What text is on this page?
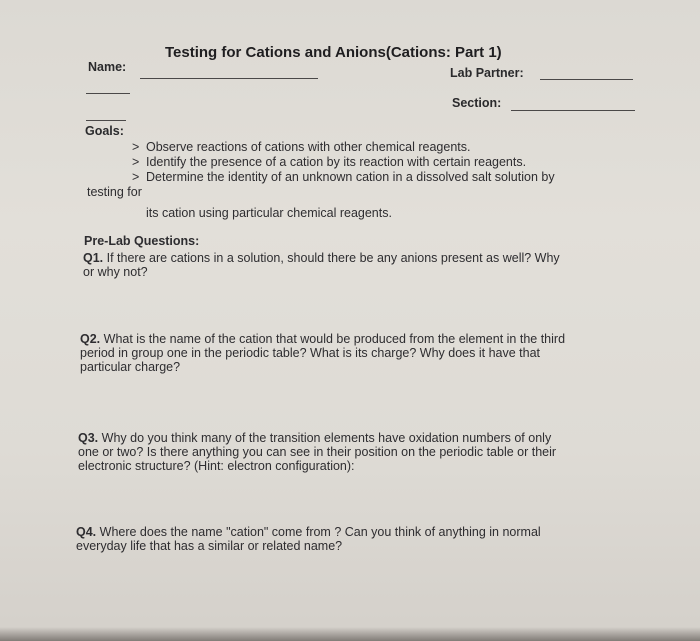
Testing for Cations and Anions(Cations: Part 1)
Name:	Lab Partner:
Section:
Goals:
> Observe reactions of cations with other chemical reagents.
> Identify the presence of a cation by its reaction with certain reagents.
> Determine the identity of an unknown cation in a dissolved salt solution by
testing for
its cation using particular chemical reagents.
Pre-Lab Questions:
Q1. If there are cations in a solution, should there be any anions present as well? Why
or why not?
Q2. What is the name of the cation that would be produced from the element in the third
period in group one in the periodic table? What is its charge? Why does it have that
particular charge?
Q3. Why do you think many of the transition elements have oxidation numbers of only
one or two? Is there anything you can see in their position on the periodic table or their
electronic structure? (Hint: electron configuration):
Q4. Where does the name "cation" come from ? Can you think of anything in normal
everyday life that has a similar or related name?
